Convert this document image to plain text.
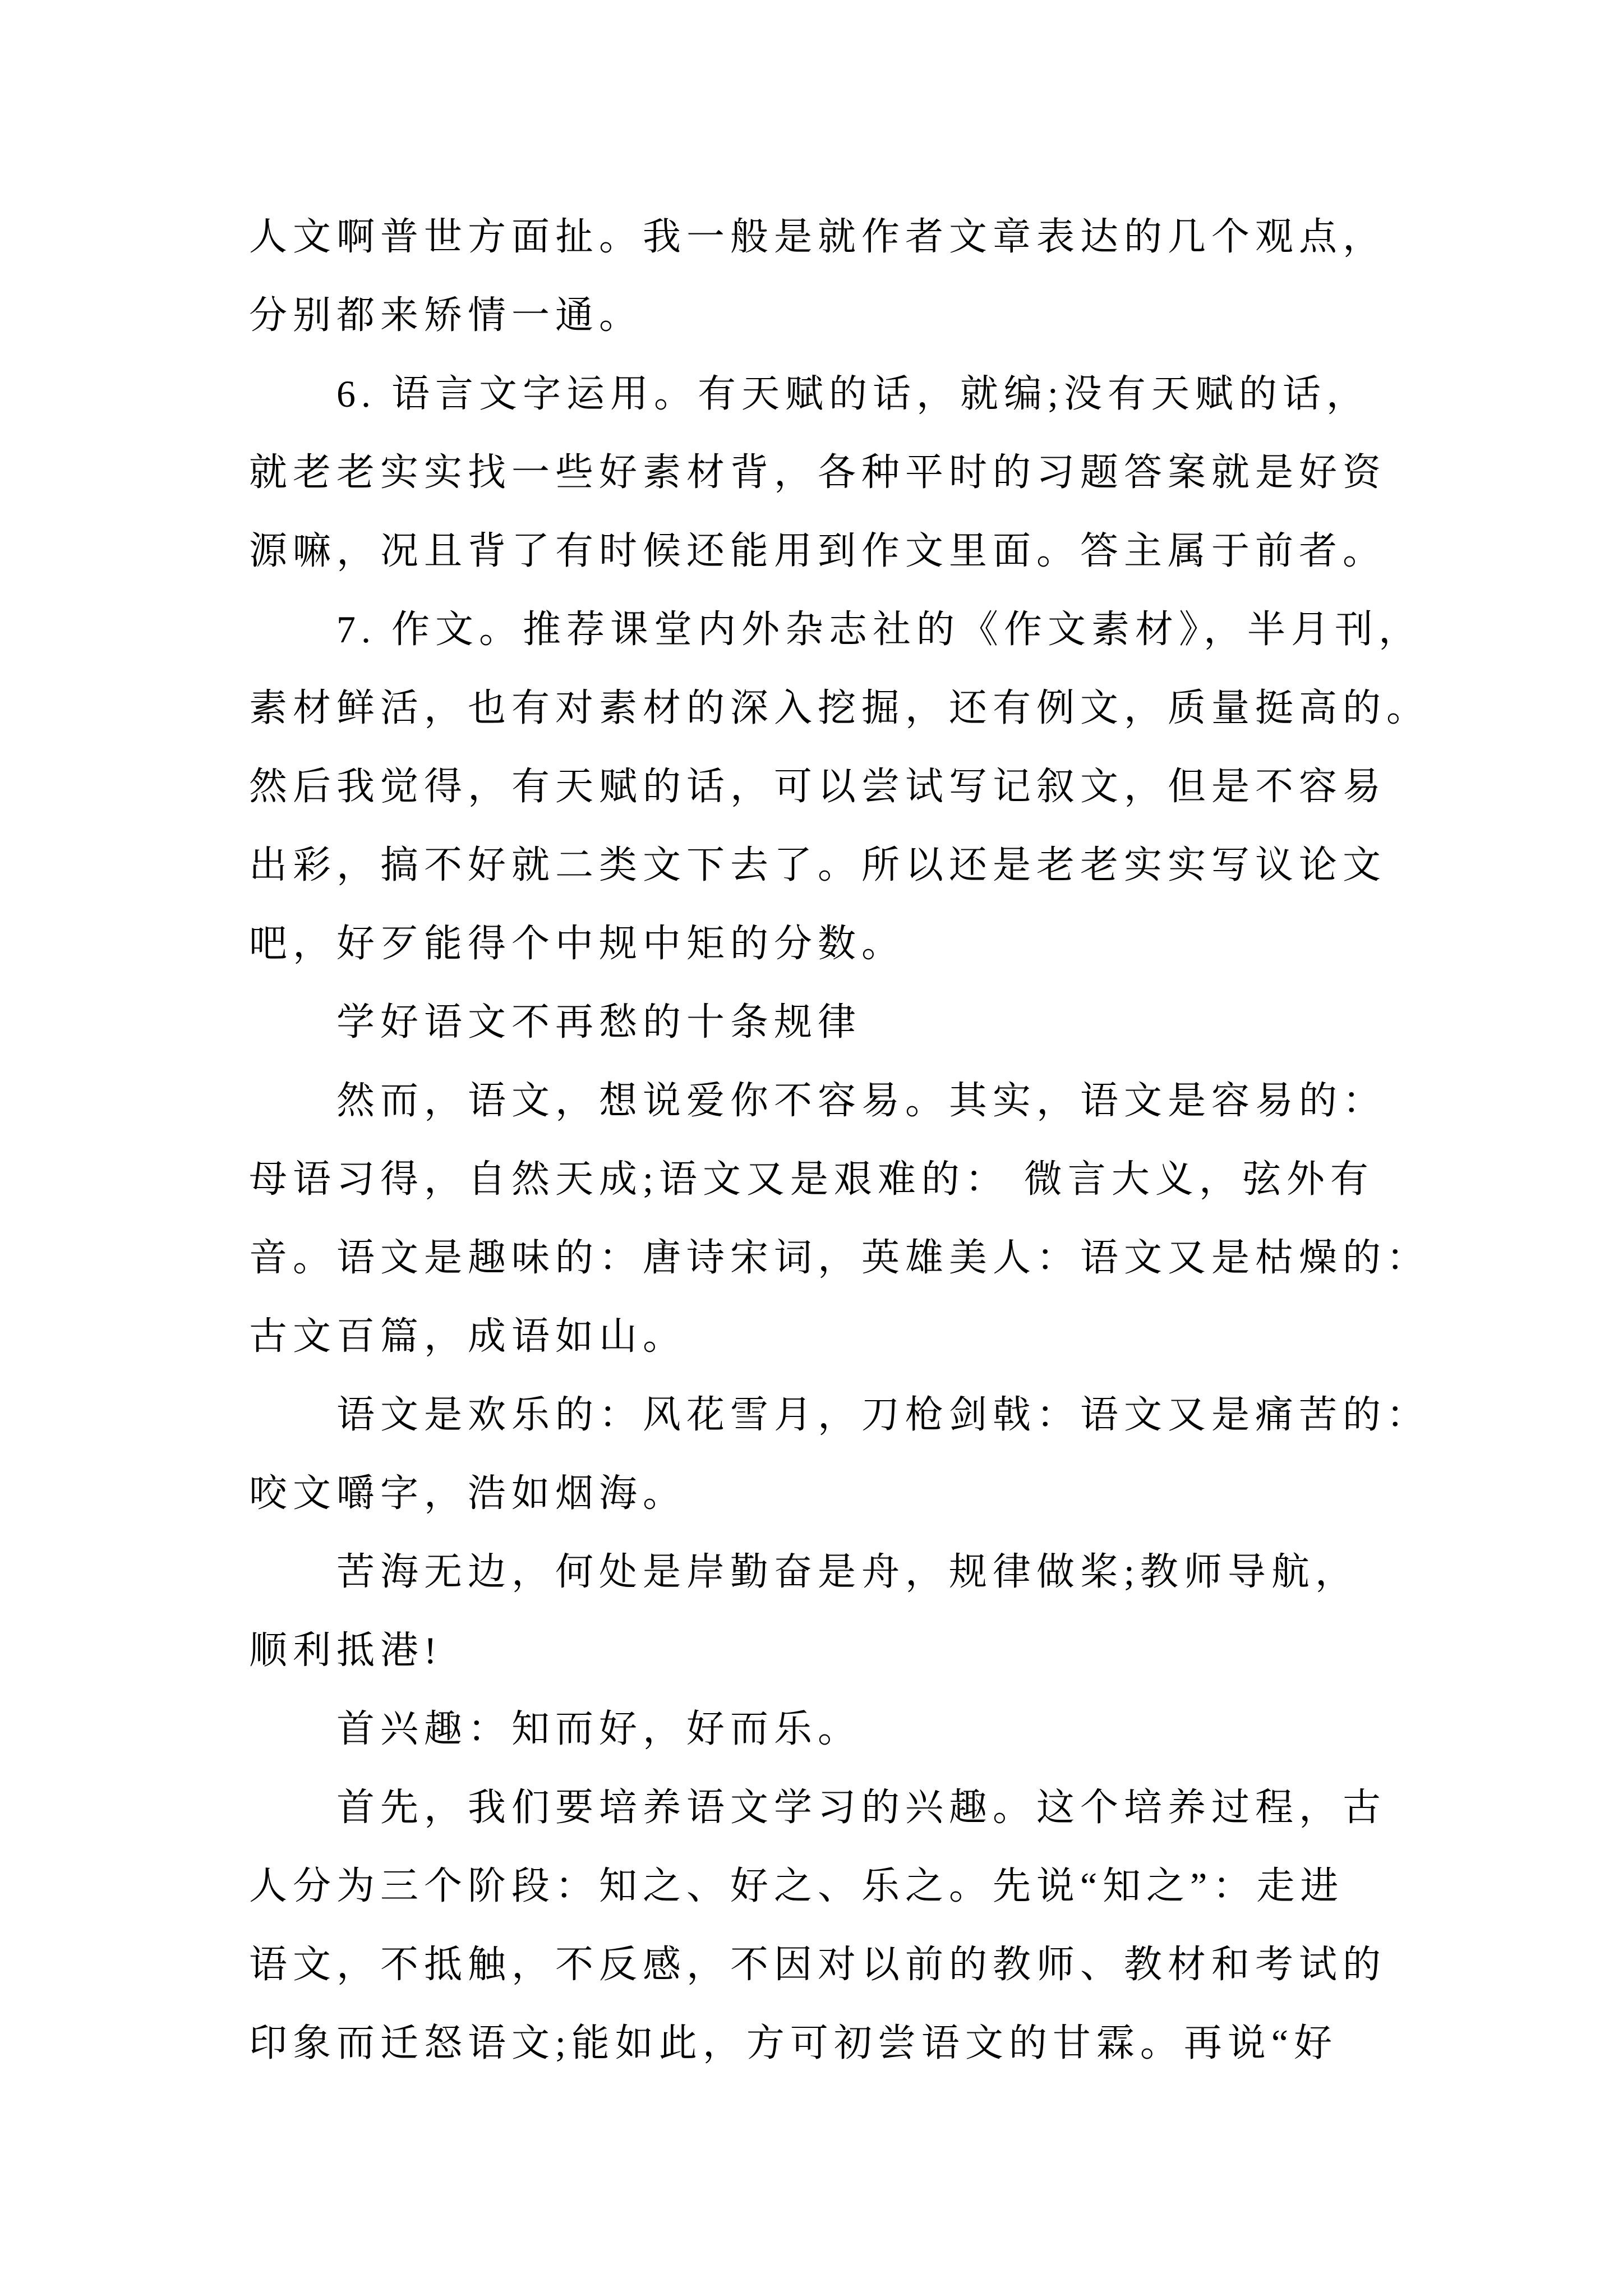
人文啊普世方面扯。我一般是就作者文章表达的几个观点，
分别都来矫情一通。
6. 语言文字运用。有天赋的话，就编;没有天赋的话，
就老老实实找一些好素材背，各种平时的习题答案就是好资
源嘛，况且背了有时候还能用到作文里面。答主属于前者。
7. 作文。推荐课堂内外杂志社的《作文素材》，半月刊，
素材鲜活，也有对素材的深入挖掘，还有例文，质量挺高的。
然后我觉得，有天赋的话，可以尝试写记叙文，但是不容易
出彩，搞不好就二类文下去了。所以还是老老实实写议论文
吧，好歹能得个中规中矩的分数。
学好语文不再愁的十条规律
然而，语文，想说爱你不容易。其实，语文是容易的：
母语习得，自然天成;语文又是艰难的： 微言大义，弦外有
音。语文是趣味的：唐诗宋词，英雄美人：语文又是枯燥的：
古文百篇，成语如山。
语文是欢乐的：风花雪月，刀枪剑戟：语文又是痛苦的：
咬文嚼字，浩如烟海。
苦海无边，何处是岸勤奋是舟，规律做桨;教师导航，
顺利抵港!
首兴趣：知而好，好而乐。
首先，我们要培养语文学习的兴趣。这个培养过程，古
人分为三个阶段：知之、好之、乐之。先说“知之”：走进
语文，不抵触，不反感，不因对以前的教师、教材和考试的
印象而迁怒语文;能如此，方可初尝语文的甘霖。再说“好
